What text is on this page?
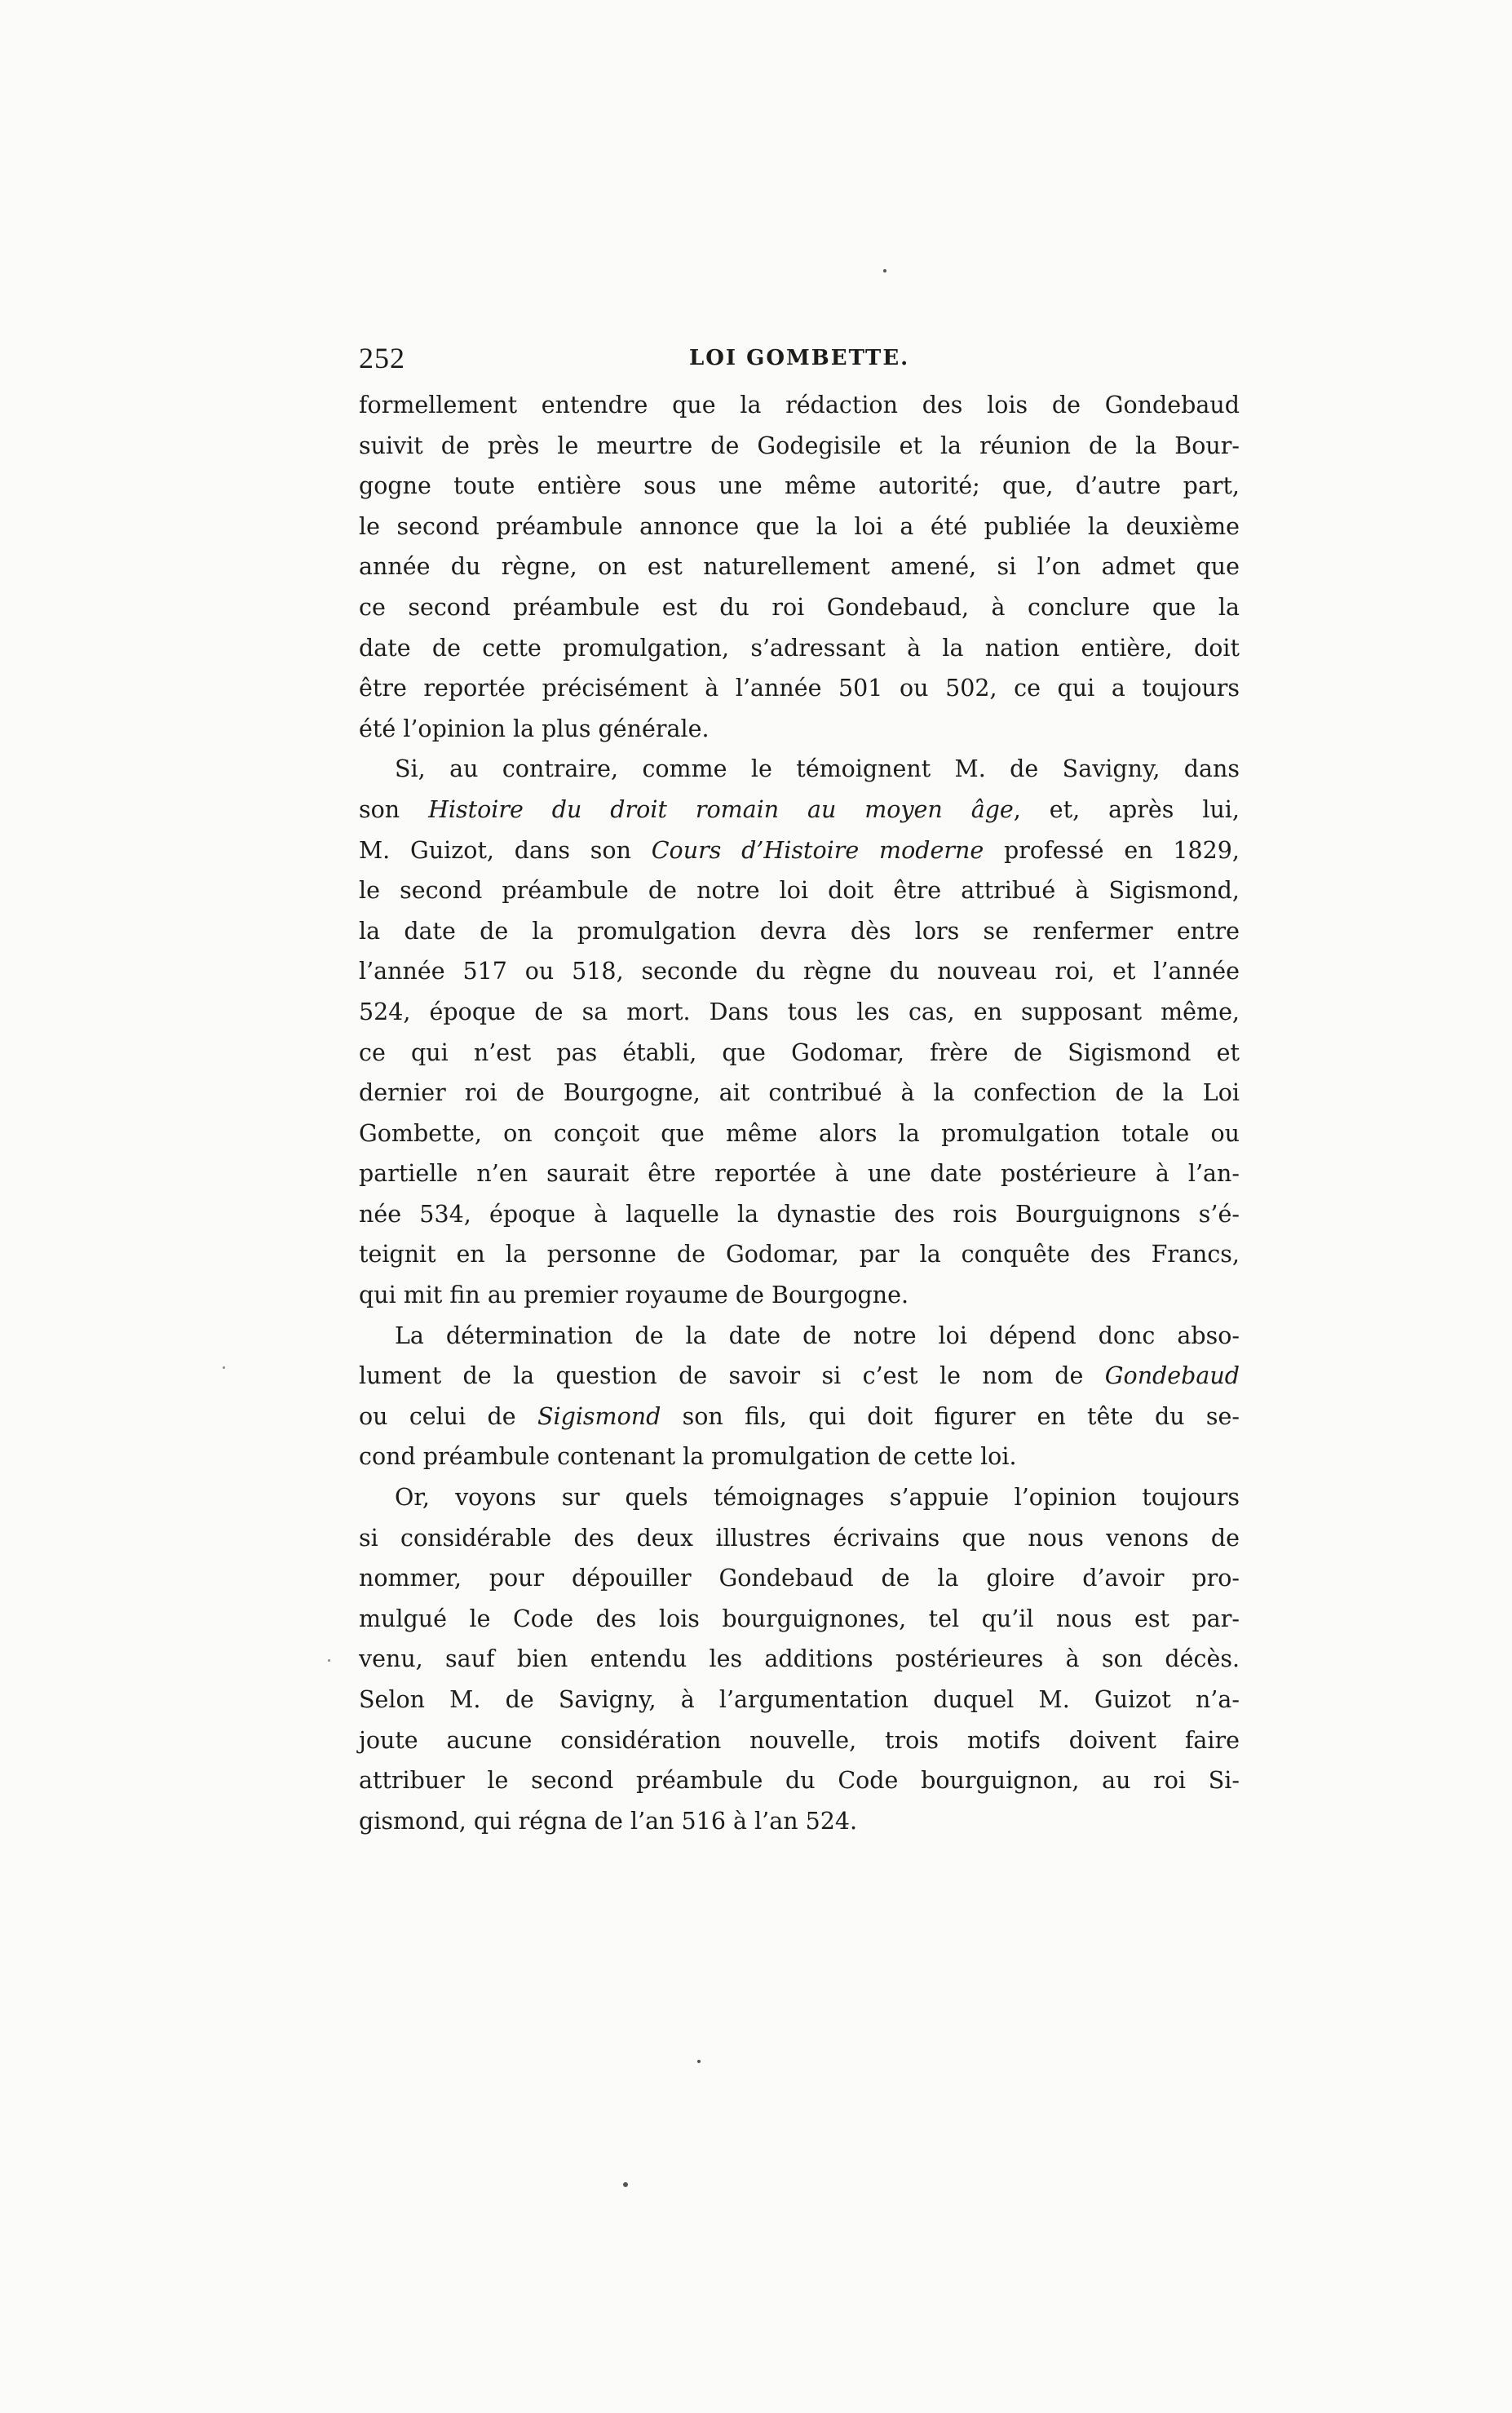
252	LOI GOMBETTE.
formellement entendre que la rédaction des lois de Gondebaud
suivit de près le meurtre de Godegisile et la réunion de la Bour-
gogne toute entière sous une même autorité; que, d’autre part,
le second préambule annonce que la loi a été publiée la deuxième
année du règne, on est naturellement amené, si l’on admet que
ce second préambule est du roi Gondebaud, à conclure que la
date de cette promulgation, s’adressant à la nation entière, doit
être reportée précisément à l’année 501 ou 502, ce qui a toujours
été l’opinion la plus générale.
Si, au contraire, comme le témoignent M. de Savigny, dans
son Histoire du droit romain au moyen âge, et, après lui,
M. Guizot, dans son Cours d’Histoire moderne professé en 1829,
le second préambule de notre loi doit être attribué à Sigismond,
la date de la promulgation devra dès lors se renfermer entre
l’année 517 ou 518, seconde du règne du nouveau roi, et l’année
524, époque de sa mort. Dans tous les cas, en supposant même,
ce qui n’est pas établi, que Godomar, frère de Sigismond et
dernier roi de Bourgogne, ait contribué à la confection de la Loi
Gombette, on conçoit que même alors la promulgation totale ou
partielle n’en saurait être reportée à une date postérieure à l’an-
née 534, époque à laquelle la dynastie des rois Bourguignons s’é-
teignit en la personne de Godomar, par la conquête des Francs,
qui mit fin au premier royaume de Bourgogne.
La détermination de la date de notre loi dépend donc abso-
lument de la question de savoir si c’est le nom de Gondebaud
ou celui de Sigismond son fils, qui doit figurer en tête du se-
cond préambule contenant la promulgation de cette loi.
Or, voyons sur quels témoignages s’appuie l’opinion toujours
si considérable des deux illustres écrivains que nous venons de
nommer, pour dépouiller Gondebaud de la gloire d’avoir pro-
mulgué le Code des lois bourguignones, tel qu’il nous est par-
venu, sauf bien entendu les additions postérieures à son décès.
Selon M. de Savigny, à l’argumentation duquel M. Guizot n’a-
joute aucune considération nouvelle, trois motifs doivent faire
attribuer le second préambule du Code bourguignon, au roi Si-
gismond, qui régna de l’an 516 à l’an 524.
